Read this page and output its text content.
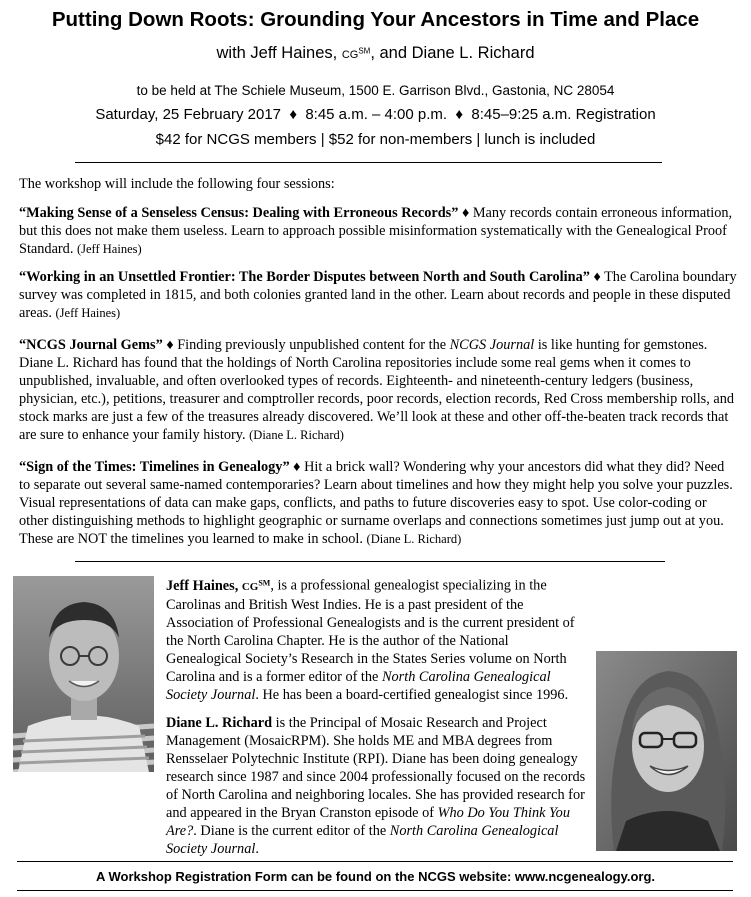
Putting Down Roots: Grounding Your Ancestors in Time and Place
with Jeff Haines, CG℠, and Diane L. Richard
to be held at The Schiele Museum, 1500 E. Garrison Blvd., Gastonia, NC 28054
Saturday, 25 February 2017  ♦  8:45 a.m. – 4:00 p.m.  ♦  8:45–9:25 a.m. Registration
$42 for NCGS members | $52 for non-members | lunch is included
The workshop will include the following four sessions:
“Making Sense of a Senseless Census: Dealing with Erroneous Records” ♦ Many records contain erroneous information, but this does not make them useless. Learn to approach possible misinformation systematically with the Genealogical Proof Standard. (Jeff Haines)
“Working in an Unsettled Frontier: The Border Disputes between North and South Carolina” ♦ The Carolina boundary survey was completed in 1815, and both colonies granted land in the other. Learn about records and people in these disputed areas. (Jeff Haines)
“NCGS Journal Gems” ♦ Finding previously unpublished content for the NCGS Journal is like hunting for gemstones. Diane L. Richard has found that the holdings of North Carolina repositories include some real gems when it comes to unpublished, invaluable, and often overlooked types of records. Eighteenth- and nineteenth-century ledgers (business, physician, etc.), petitions, treasurer and comptroller records, poor records, election records, Red Cross membership rolls, and stock marks are just a few of the treasures already discovered. We’ll look at these and other off-the-beaten track records that are sure to enhance your family history. (Diane L. Richard)
“Sign of the Times: Timelines in Genealogy” ♦ Hit a brick wall? Wondering why your ancestors did what they did? Need to separate out several same-named contemporaries? Learn about timelines and how they might help you solve your puzzles. Visual representations of data can make gaps, conflicts, and paths to future discoveries easy to spot. Use color-coding or other distinguishing methods to highlight geographic or surname overlaps and connections sometimes just jump out at you. These are NOT the timelines you learned to make in school. (Diane L. Richard)
Jeff Haines, CG℠, is a professional genealogist specializing in the Carolinas and British West Indies. He is a past president of the Association of Professional Genealogists and is the current president of the North Carolina Chapter. He is the author of the National Genealogical Society’s Research in the States Series volume on North Carolina and is a former editor of the North Carolina Genealogical Society Journal. He has been a board-certified genealogist since 1996.
Diane L. Richard is the Principal of Mosaic Research and Project Management (MosaicRPM). She holds ME and MBA degrees from Rensselaer Polytechnic Institute (RPI). Diane has been doing genealogy research since 1987 and since 2004 professionally focused on the records of North Carolina and neighboring locales. She has provided research for and appeared in the Bryan Cranston episode of Who Do You Think You Are?. Diane is the current editor of the North Carolina Genealogical Society Journal.
A Workshop Registration Form can be found on the NCGS website: www.ncgenealogy.org.
